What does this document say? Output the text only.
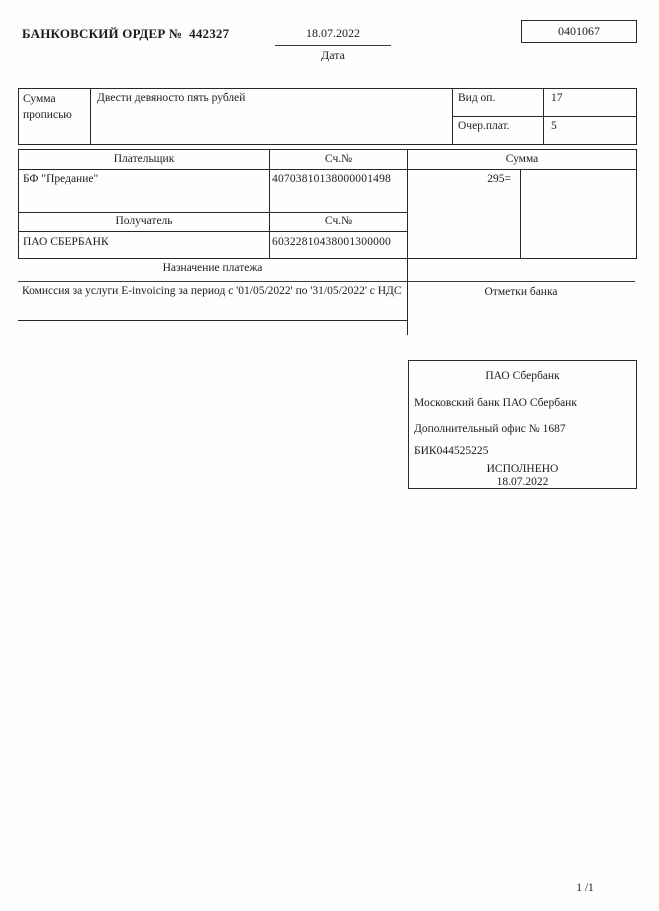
БАНКОВСКИЙ ОРДЕР №  442327	18.07.2022
Дата
0401067
Сумма прописью
Двести девяносто пять рублей	Вид оп.	17
Очер.плат.	5
Плательщик	Сч.№	Сумма
БФ "Предание"	40703810138000001498	295=
Получатель	Сч.№
ПАО СБЕРБАНК	60322810438001300000
Назначение платежа
Комиссия за услуги E-invoicing за период с '01/05/2022' по '31/05/2022' с НДС	Отметки банка
ПАО Сбербанк
Московский банк ПАО Сбербанк
Дополнительный офис № 1687
БИК044525225
ИСПОЛНЕНО
18.07.2022
1 /1
